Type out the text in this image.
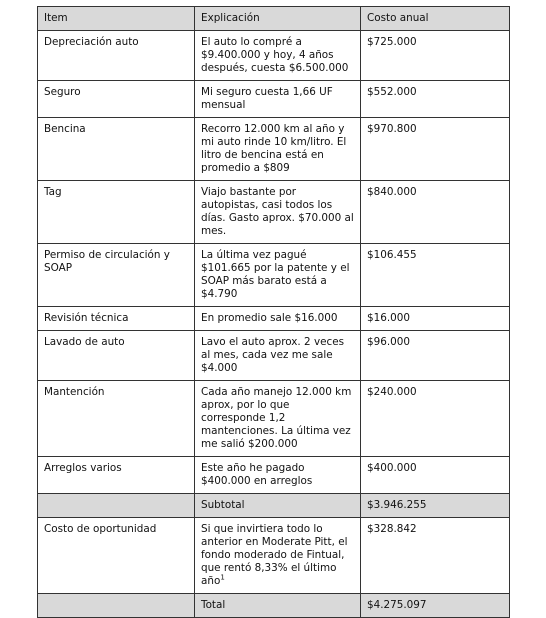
Item	Explicación	Costo anual
Depreciación auto	El auto lo compré a $9.400.000 y hoy, 4 años después, cuesta $6.500.000	$725.000
Seguro	Mi seguro cuesta 1,66 UF mensual	$552.000
Bencina	Recorro 12.000 km al año y mi auto rinde 10 km/litro. El litro de bencina está en promedio a $809	$970.800
Tag	Viajo bastante por autopistas, casi todos los días. Gasto aprox. $70.000 al mes.	$840.000
Permiso de circulación y SOAP	La última vez pagué $101.665 por la patente y el SOAP más barato está a $4.790	$106.455
Revisión técnica	En promedio sale $16.000	$16.000
Lavado de auto	Lavo el auto aprox. 2 veces al mes, cada vez me sale $4.000	$96.000
Mantención	Cada año manejo 12.000 km aprox, por lo que corresponde 1,2 mantenciones. La última vez me salió $200.000	$240.000
Arreglos varios	Este año he pagado $400.000 en arreglos	$400.000
	Subtotal	$3.946.255
Costo de oportunidad	Si que invirtiera todo lo anterior en Moderate Pitt, el fondo moderado de Fintual, que rentó 8,33% el último año$^1$	$328.842
	Total	$4.275.097
